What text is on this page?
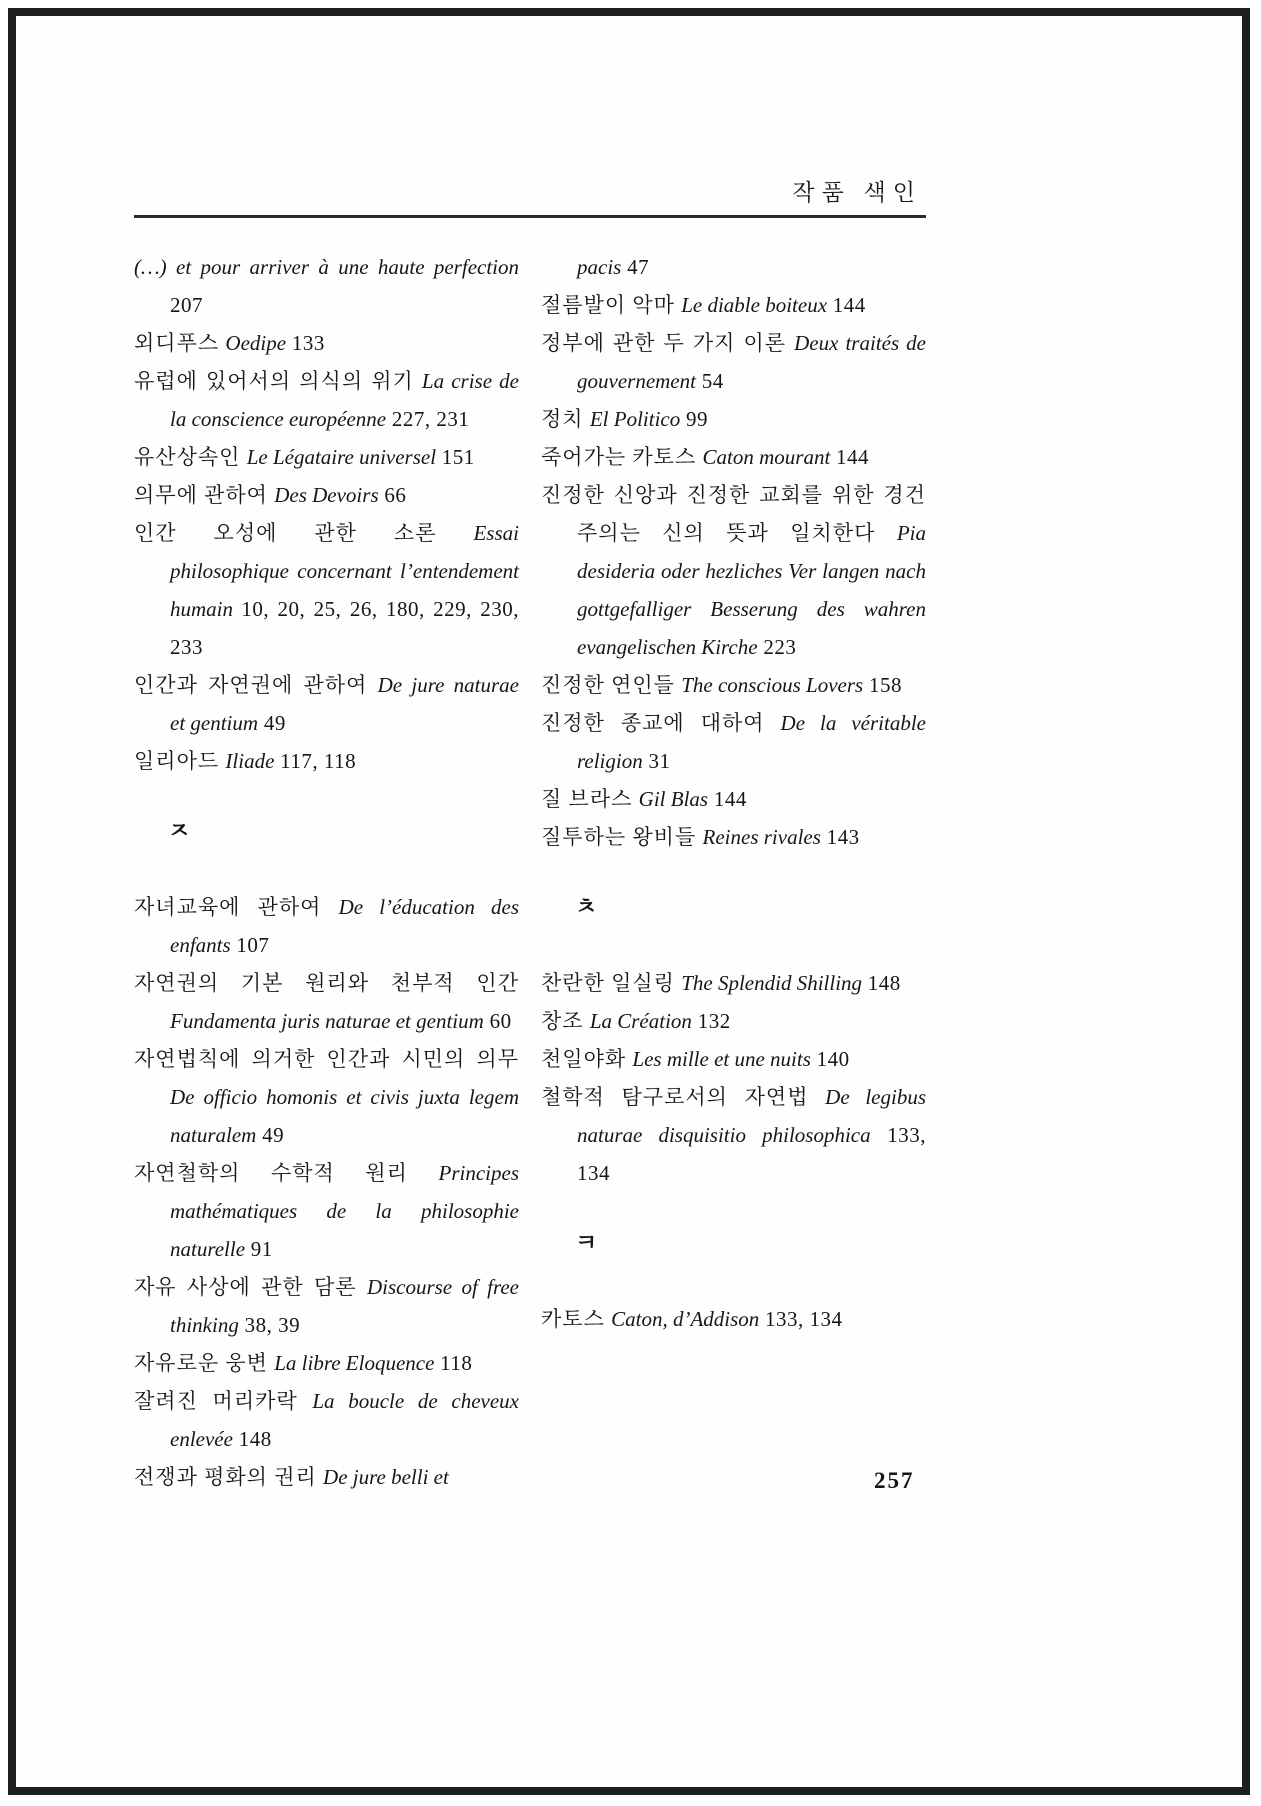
작품 색인

(…) et pour arriver à une haute perfection 207

외디푸스 Oedipe 133

유럽에 있어서의 의식의 위기 La crise de la conscience européenne 227, 231

유산상속인 Le Légataire universel 151

의무에 관하여 Des Devoirs 66

인간 오성에 관한 소론 Essai philosophique concernant l’entendement humain 10, 20, 25, 26, 180, 229, 230, 233

인간과 자연권에 관하여 De jure naturae et gentium 49

일리아드 Iliade 117, 118

ㅈ

자녀교육에 관하여 De l’éducation des enfants 107

자연권의 기본 원리와 천부적 인간 Fundamenta juris naturae et gentium 60

자연법칙에 의거한 인간과 시민의 의무 De officio homonis et civis juxta legem naturalem 49

자연철학의 수학적 원리 Principes mathématiques de la philosophie naturelle 91

자유 사상에 관한 담론 Discourse of free thinking 38, 39

자유로운 웅변 La libre Eloquence 118

잘려진 머리카락 La boucle de cheveux enlevée 148

전쟁과 평화의 권리 De jure belli et

pacis 47

절름발이 악마 Le diable boiteux 144

정부에 관한 두 가지 이론 Deux traités de gouvernement 54

정치 El Politico 99

죽어가는 카토스 Caton mourant 144

진정한 신앙과 진정한 교회를 위한 경건주의는 신의 뜻과 일치한다 Pia desideria oder hezliches Ver langen nach gottgefalliger Besserung des wahren evangelischen Kirche 223

진정한 연인들 The conscious Lovers 158

진정한 종교에 대하여 De la véritable religion 31

질 브라스 Gil Blas 144

질투하는 왕비들 Reines rivales 143

ㅊ

찬란한 일실링 The Splendid Shilling 148

창조 La Création 132

천일야화 Les mille et une nuits 140

철학적 탐구로서의 자연법 De legibus naturae disquisitio philosophica 133, 134

ㅋ

카토스 Caton, d’Addison 133, 134

257
